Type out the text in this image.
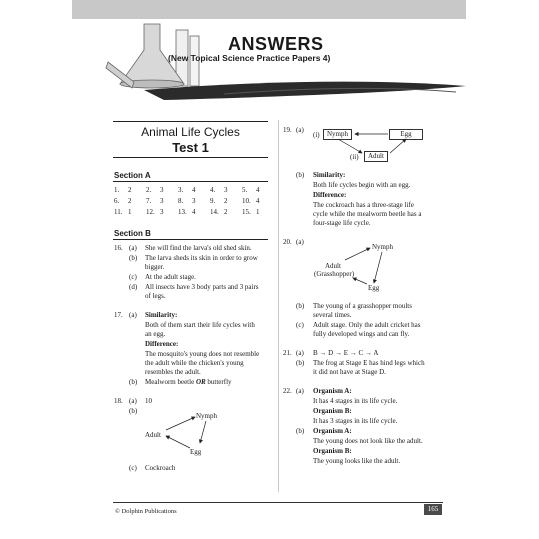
ANSWERS
(New Topical Science Practice Papers 4)
Animal Life Cycles
Test 1
Section A
1.	2	2.	3	3.	4	4.	3	5.	4
6.	2	7.	3	8.	3	9.	2	10.	4
11.	1	12.	3	13.	4	14.	2	15.	1
Section B
16. (a) She will find the larva's old shed skin.
(b) The larva sheds its skin in order to grow
bigger.
(c) At the adult stage.
(d) All insects have 3 body parts and 3 pairs
of legs.
17. (a) Similarity:
Both of them start their life cycles with
an egg.
Difference:
The mosquito's young does not resemble
the adult while the chicken's young
resembles the adult.
(b) Mealworm beetle OR butterfly
18. (a) 10
(b)
Nymph
Adult
Egg
(c) Cockroach
19. (a)
(i)	Nymph	Egg
(ii)	Adult
(b) Similarity:
Both life cycles begin with an egg.
Difference:
The cockroach has a three-stage life
cycle while the mealworm beetle has a
four-stage life cycle.
20. (a)
Nymph
Adult
(Grasshopper)
Egg
(b) The young of a grasshopper moults
several times.
(c) Adult stage. Only the adult cricket has
fully developed wings and can fly.
21. (a) B → D → E → C → A
(b) The frog at Stage E has hind legs which
it did not have at Stage D.
22. (a) Organism A:
It has 4 stages in its life cycle.
Organism B:
It has 3 stages in its life cycle.
(b) Organism A:
The young does not look like the adult.
Organism B:
The young looks like the adult.
© Dolphin Publications	165
